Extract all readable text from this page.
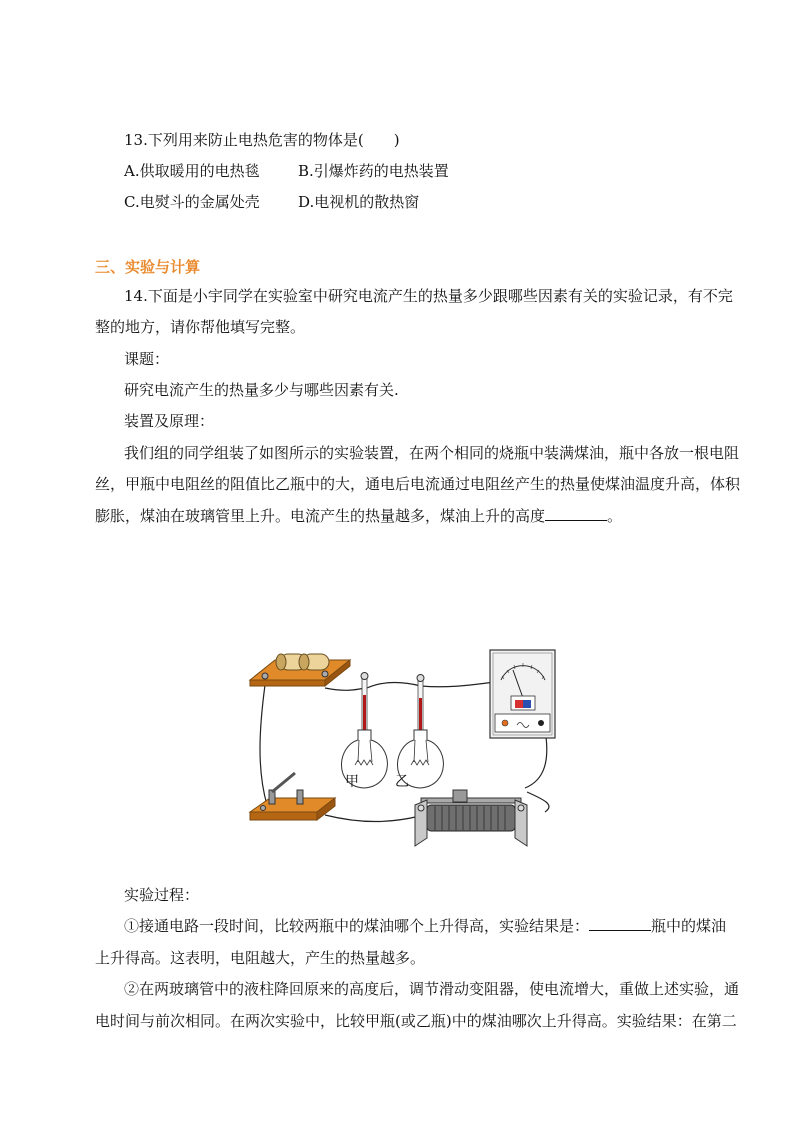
13.下列用来防止电热危害的物体是(　　)
A.供取暖用的电热毯	B.引爆炸药的电热装置
C.电熨斗的金属处壳	D.电视机的散热窗
三、实验与计算
14.下面是小宇同学在实验室中研究电流产生的热量多少跟哪些因素有关的实验记录，有不完
整的地方，请你帮他填写完整。
课题：
研究电流产生的热量多少与哪些因素有关.
装置及原理：
我们组的同学组装了如图所示的实验装置，在两个相同的烧瓶中装满煤油，瓶中各放一根电阻
丝，甲瓶中电阻丝的阻值比乙瓶中的大，通电后电流通过电阻丝产生的热量使煤油温度升高，体积
膨胀，煤油在玻璃管里上升。电流产生的热量越多，煤油上升的高度	。
甲	乙
实验过程：
①接通电路一段时间，比较两瓶中的煤油哪个上升得高，实验结果是：	瓶中的煤油
上升得高。这表明，电阻越大，产生的热量越多。
②在两玻璃管中的液柱降回原来的高度后，调节滑动变阻器，使电流增大，重做上述实验，通
电时间与前次相同。在两次实验中，比较甲瓶(或乙瓶)中的煤油哪次上升得高。实验结果：在第二
